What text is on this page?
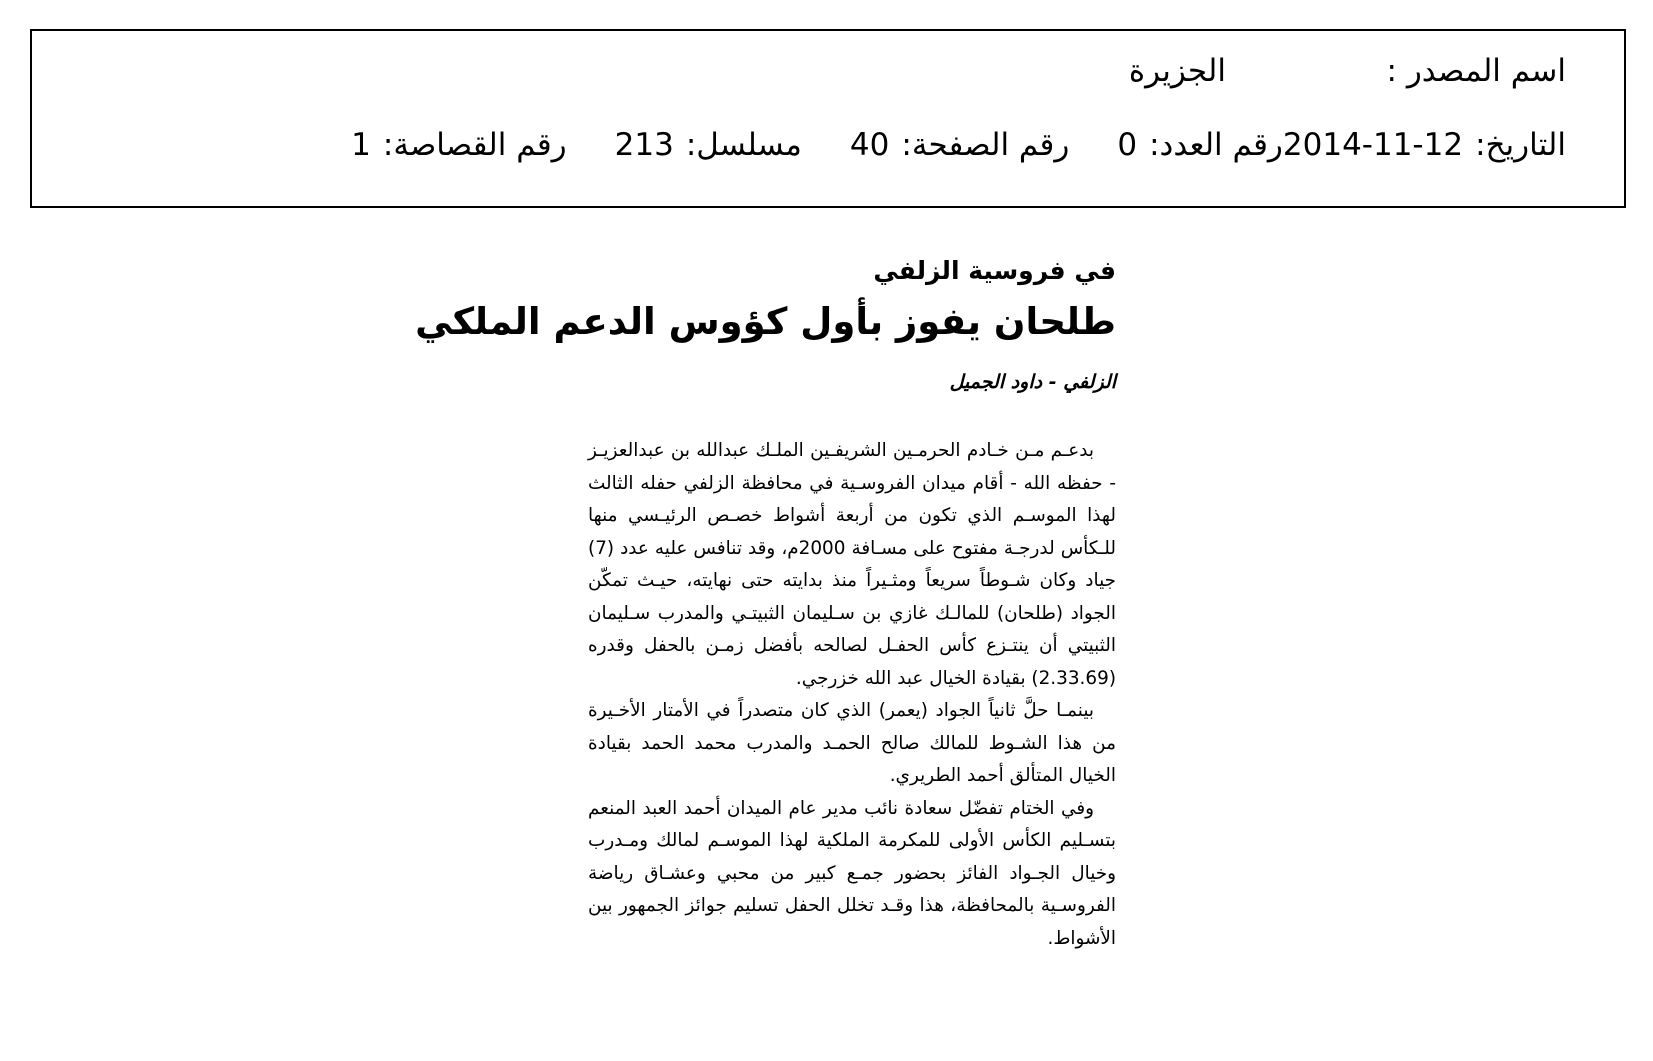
اسم المصدر :
الجزيرة
التاريخ:
2014-11-12
رقم العدد:
0
رقم الصفحة:
40
مسلسل:
213
رقم القصاصة:
1
في فروسية الزلفي
طلحان يفوز بأول كؤوس الدعم الملكي
الزلفي - داود الجميل

بدعـم مـن خـادم الحرمـين الشريفـين الملـك عبدالله بن عبدالعزيـز - حفظه الله - أقام ميدان الفروسـية في محافظة الزلفي حفله الثالث لهذا الموسـم الذي تكون من أربعة أشواط خصـص الرئيـسي منها للـكأس لدرجـة مفتوح على مسـافة 2000م، وقد تنافس عليه عدد (7) جياد وكان شـوطاً سريعاً ومثـيراً منذ بدايته حتى نهايته، حيـث تمكّن الجواد (طلحان) للمالـك غازي بن سـليمان الثبيتـي والمدرب سـليمان الثبيتي أن ينتـزع كأس الحفـل لصالحه بأفضل زمـن بالحفل وقدره (2.33.69) بقيادة الخيال عبد الله خزرجي.

بينمـا حلَّ ثانياً الجواد (يعمر) الذي كان متصدراً في الأمتار الأخـيرة من هذا الشـوط للمالك صالح الحمـد والمدرب محمد الحمد بقيادة الخيال المتألق أحمد الطريري.

وفي الختام تفضّل سعادة نائب مدير عام الميدان أحمد العبد المنعم بتسـليم الكأس الأولى للمكرمة الملكية لهذا الموسـم لمالك ومـدرب وخيال الجـواد الفائز بحضور جمـع كبير من محبي وعشـاق رياضة الفروسـية بالمحافظة، هذا وقـد تخلل الحفل تسليم جوائز الجمهور بين الأشواط.
